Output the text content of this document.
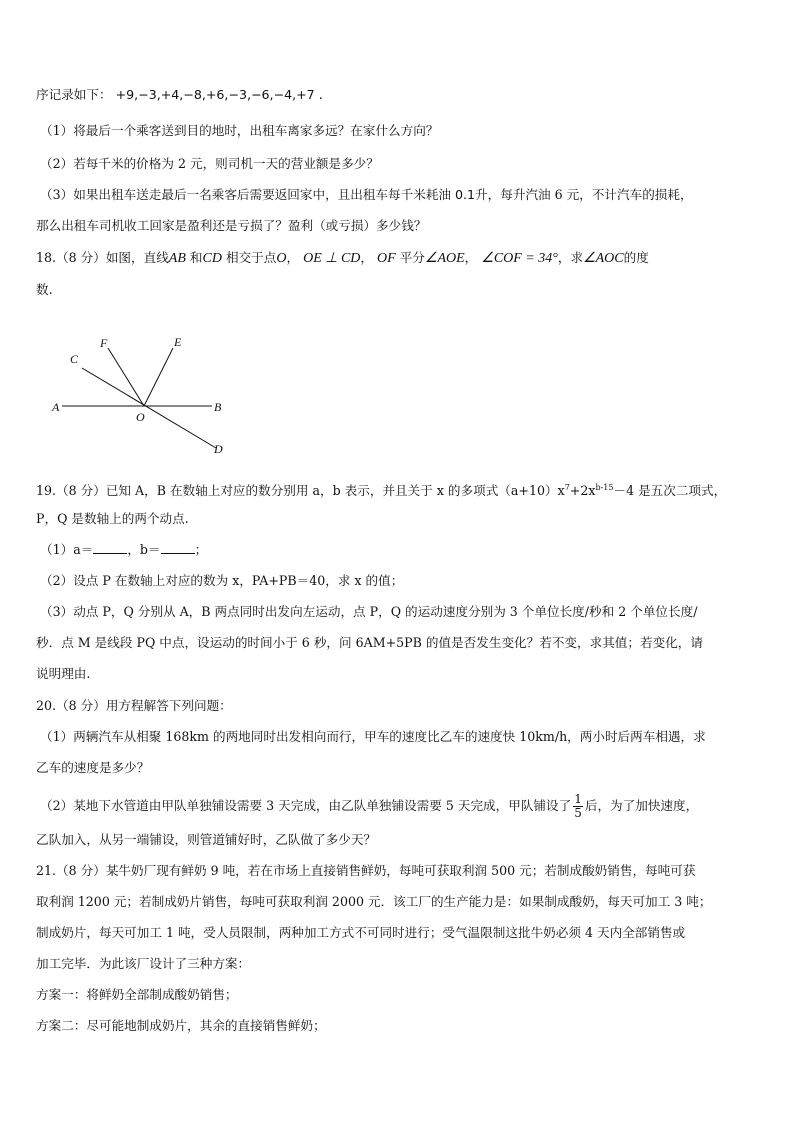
序记录如下： +9,−3,+4,−8,+6,−3,−6,−4,+7 .
（1）将最后一个乘客送到目的地时，出租车离家多远？在家什么方向？
（2）若每千米的价格为 2 元，则司机一天的营业额是多少？
（3）如果出租车送走最后一名乘客后需要返回家中，且出租车每千米耗油 0.1升，每升汽油 6 元，不计汽车的损耗，
那么出租车司机收工回家是盈利还是亏损了？盈利（或亏损）多少钱？
18.（8 分）如图，直线AB 和CD 相交于点O， OE ⊥ CD， OF 平分∠AOE， ∠COF = 34°，求∠AOC的度
数.
F	E
C
A
O
B
D
19.（8 分）已知 A，B 在数轴上对应的数分别用 a，b 表示，并且关于 x 的多项式$(a+10)x^7+2x^{b-15}-4$ 是五次二项式，
P，Q 是数轴上的两个动点.
（1）a＝	，b＝	；
（2）设点 P 在数轴上对应的数为 x，PA+PB＝40，求 x 的值；
（3）动点 P，Q 分别从 A，B 两点同时出发向左运动，点 P，Q 的运动速度分别为 3 个单位长度/秒和 2 个单位长度/
秒．点 M 是线段 PQ 中点，设运动的时间小于 6 秒，问 6AM+5PB 的值是否发生变化？若不变，求其值；若变化，请
说明理由.
20.（8 分）用方程解答下列问题：
（1）两辆汽车从相聚 168km 的两地同时出发相向而行，甲车的速度比乙车的速度快 10km/h，两小时后两车相遇，求
乙车的速度是多少？
（2）某地下水管道由甲队单独铺设需要 3 天完成，由乙队单独铺设需要 5 天完成，甲队铺设了 $\frac{1}{5}$ 后，为了加快速度，
乙队加入，从另一端铺设，则管道铺好时，乙队做了多少天？
21.（8 分）某牛奶厂现有鲜奶 9 吨，若在市场上直接销售鲜奶，每吨可获取利润 500 元；若制成酸奶销售，每吨可获
取利润 1200 元；若制成奶片销售，每吨可获取利润 2000 元．该工厂的生产能力是：如果制成酸奶，每天可加工 3 吨；
制成奶片，每天可加工 1 吨，受人员限制，两种加工方式不可同时进行；受气温限制这批牛奶必须 4 天内全部销售或
加工完毕．为此该厂设计了三种方案：
方案一：将鲜奶全部制成酸奶销售；
方案二：尽可能地制成奶片，其余的直接销售鲜奶；
